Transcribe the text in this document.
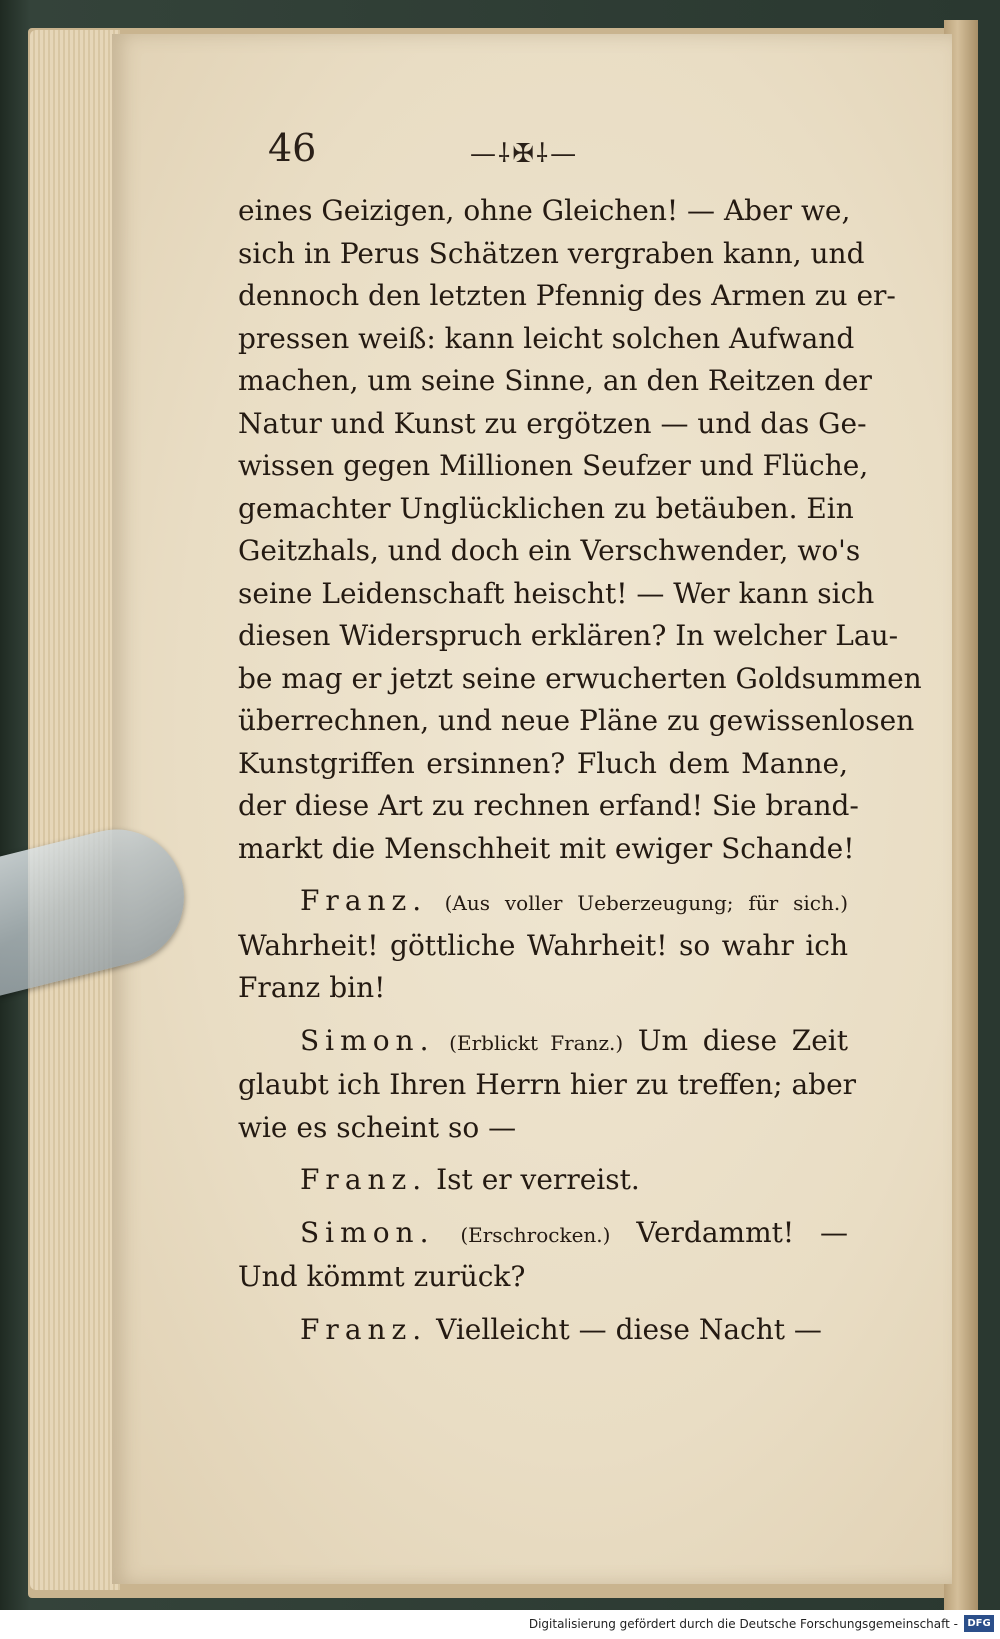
46	—⸸✠⸸—
eines Geizigen, ohne Gleichen! — Aber we,
sich in Perus Schätzen vergraben kann, und
dennoch den letzten Pfennig des Armen zu er-
pressen weiß: kann leicht solchen Aufwand
machen, um seine Sinne, an den Reitzen der
Natur und Kunst zu ergötzen — und das Ge-
wissen gegen Millionen Seufzer und Flüche,
gemachter Unglücklichen zu betäuben. Ein
Geitzhals, und doch ein Verschwender, wo's
seine Leidenschaft heischt! — Wer kann sich
diesen Widerspruch erklären? In welcher Lau-
be mag er jetzt seine erwucherten Goldsummen
überrechnen, und neue Pläne zu gewissenlosen
Kunstgriffen ersinnen? Fluch dem Manne,
der diese Art zu rechnen erfand! Sie brand-
markt die Menschheit mit ewiger Schande!
Franz. (Aus voller Ueberzeugung; für sich.)
Wahrheit! göttliche Wahrheit! so wahr ich
Franz bin!
Simon. (Erblickt Franz.) Um diese Zeit
glaubt ich Ihren Herrn hier zu treffen; aber
wie es scheint so —
Franz. Ist er verreist.
Simon. (Erschrocken.) Verdammt! —
Und kömmt zurück?
Franz. Vielleicht — diese Nacht —
Digitalisierung gefördert durch die Deutsche Forschungsgemeinschaft - DFG
